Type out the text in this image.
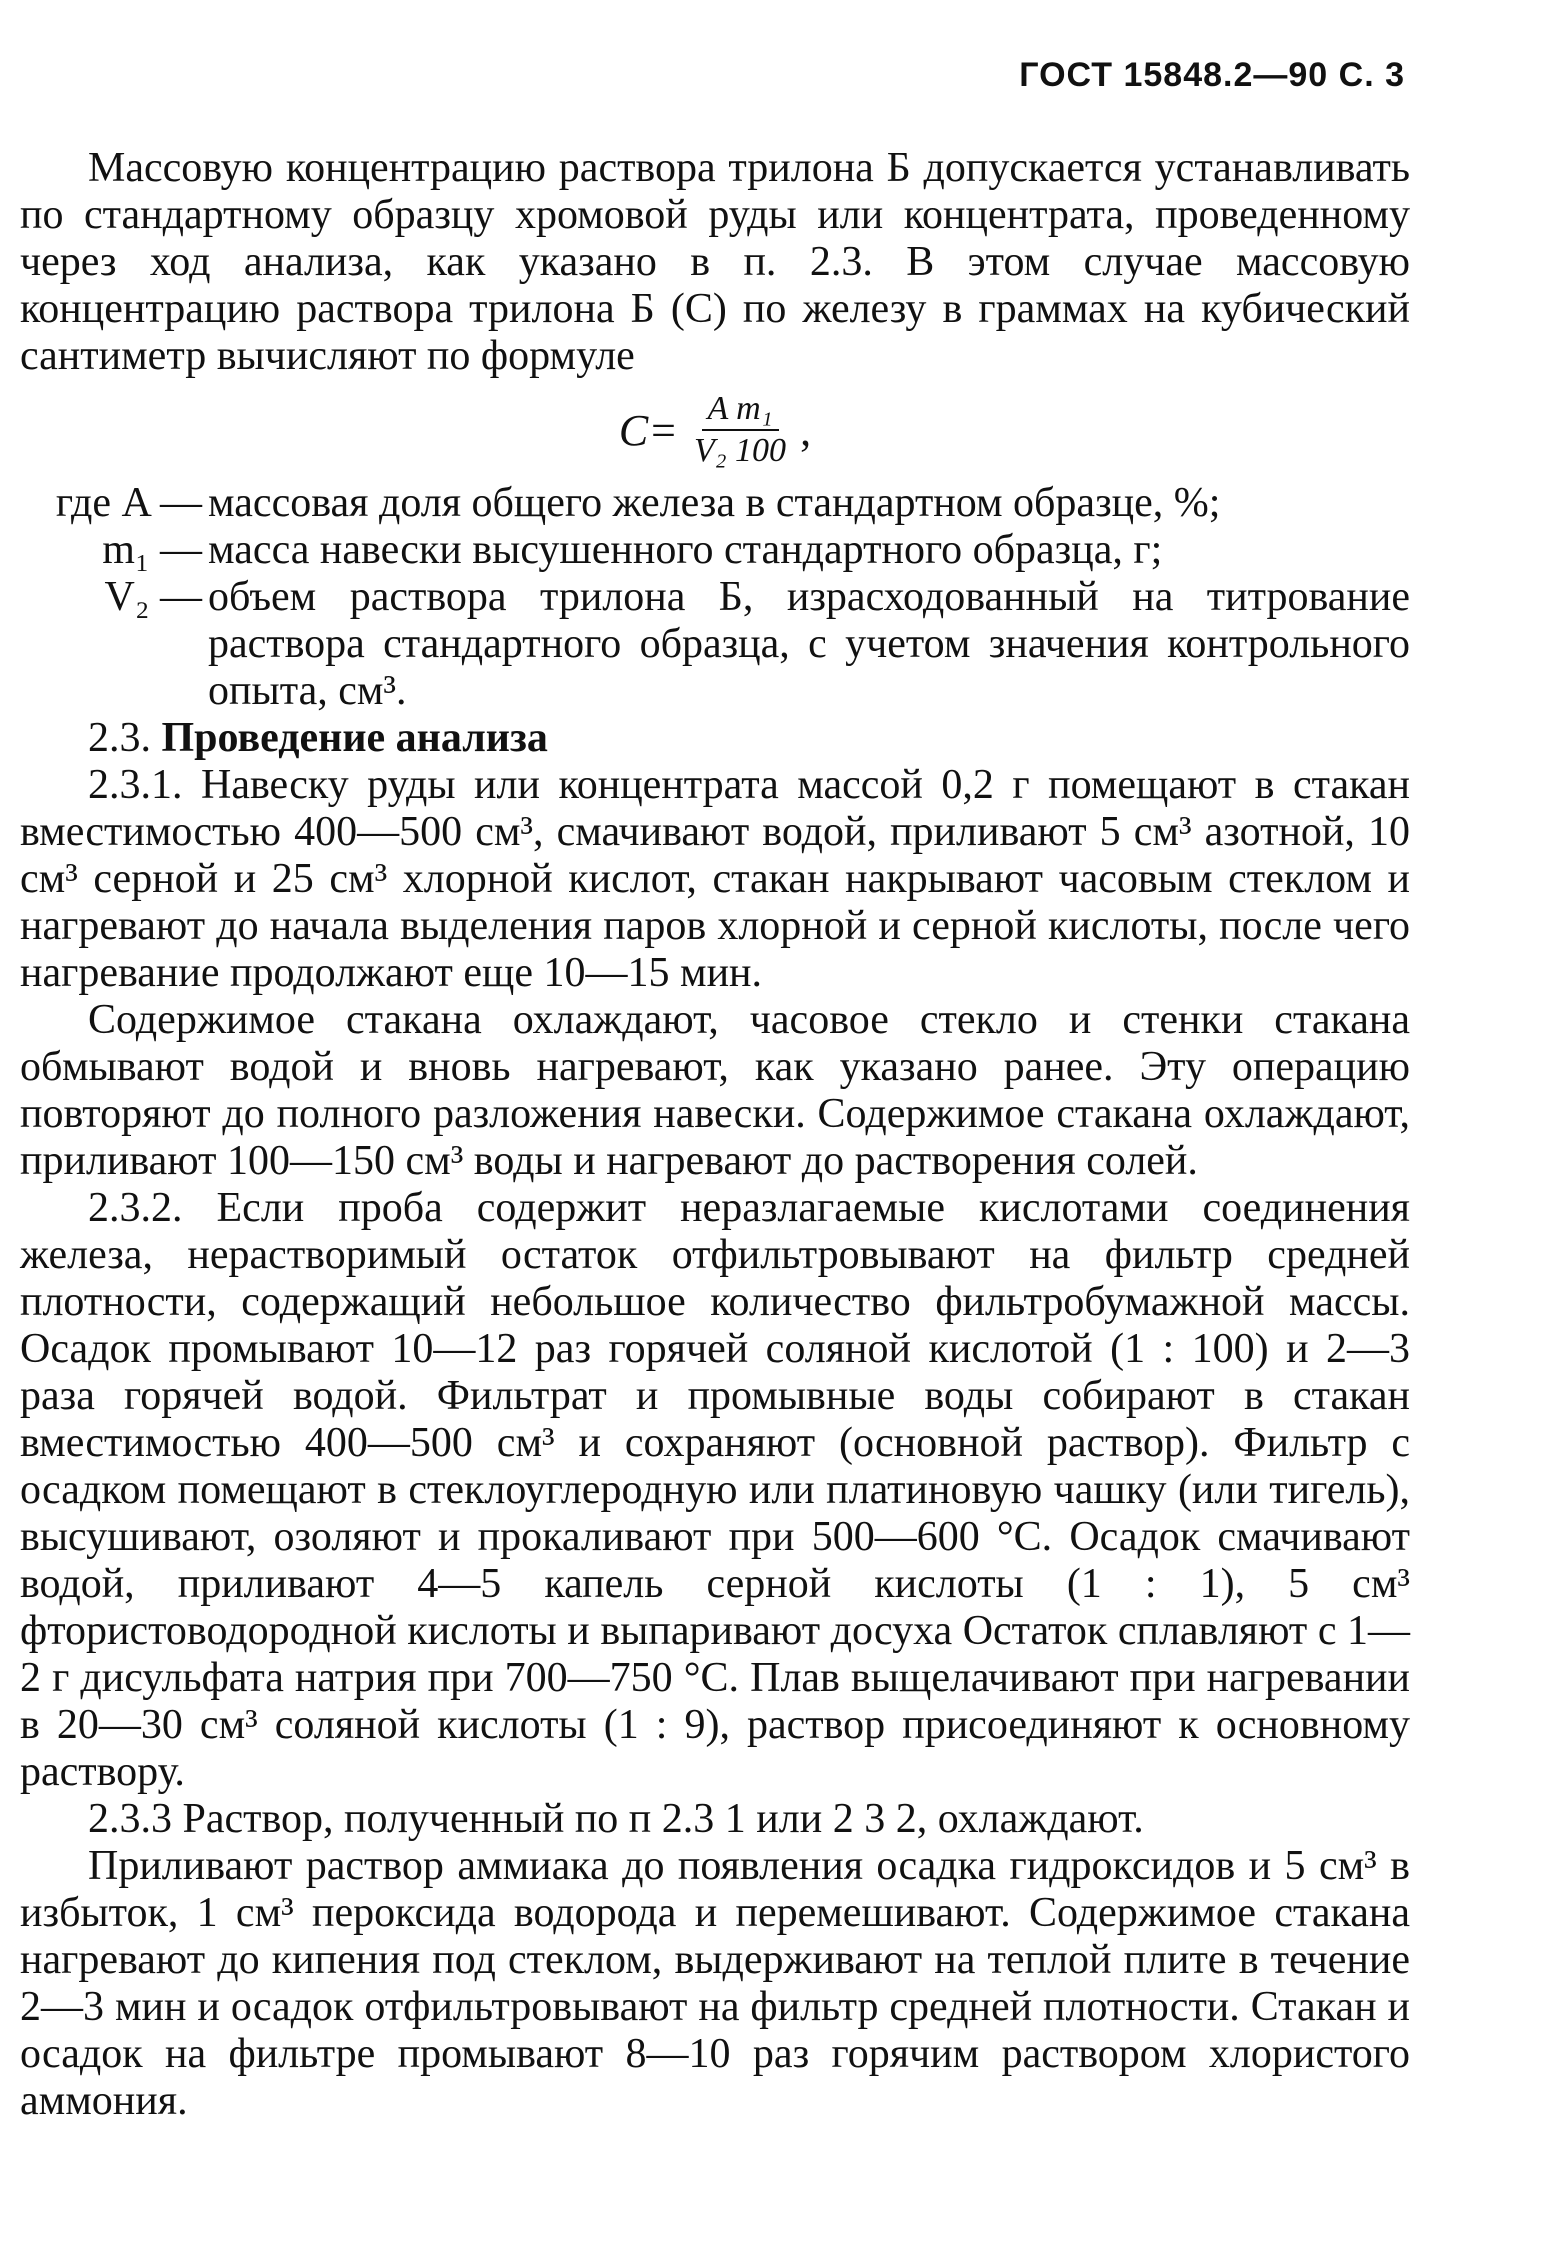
ГОСТ 15848.2—90 С. 3

Массовую концентрацию раствора трилона Б допускается устанавливать по стандартному образцу хромовой руды или концентрата, проведенному через ход анализа, как указано в п. 2.3. В этом случае массовую концентрацию раствора трилона Б (C) по железу в граммах на кубический сантиметр вычисляют по формуле

$C= \frac{\text{A m₁}}{\text{V₂ 100}}$ ,
где A — массовая доля общего железа в стандартном образце, %;

m₁ — масса навески высушенного стандартного образца, г;

V₂ — объем раствора трилона Б, израсходованный на титрование раствора стандартного образца, с учетом значения контрольного опыта, см³.

2.3. Проведение анализа

2.3.1. Навеску руды или концентрата массой 0,2 г помещают в стакан вместимостью 400—500 см³, смачивают водой, приливают 5 см³ азотной, 10 см³ серной и 25 см³ хлорной кислот, стакан накрывают часовым стеклом и нагревают до начала выделения паров хлорной и серной кислоты, после чего нагревание продолжают еще 10—15 мин.

Содержимое стакана охлаждают, часовое стекло и стенки стакана обмывают водой и вновь нагревают, как указано ранее. Эту операцию повторяют до полного разложения навески. Содержимое стакана охлаждают, приливают 100—150 см³ воды и нагревают до растворения солей.

2.3.2. Если проба содержит неразлагаемые кислотами соединения железа, нерастворимый остаток отфильтровывают на фильтр средней плотности, содержащий небольшое количество фильтробумажной массы. Осадок промывают 10—12 раз горячей соляной кислотой (1 : 100) и 2—3 раза горячей водой. Фильтрат и промывные воды собирают в стакан вместимостью 400—500 см³ и сохраняют (основной раствор). Фильтр с осадком помещают в стеклоуглеродную или платиновую чашку (или тигель), высушивают, озоляют и прокаливают при 500—600 °С. Осадок смачивают водой, приливают 4—5 капель серной кислоты (1 : 1), 5 см³ фтористоводородной кислоты и выпаривают досуха Остаток сплавляют с 1—2 г дисульфата натрия при 700—750 °С. Плав выщелачивают при нагревании в 20—30 см³ соляной кислоты (1 : 9), раствор присоединяют к основному раствору.

2.3.3 Раствор, полученный по п 2.3 1 или 2 3 2, охлаждают.

Приливают раствор аммиака до появления осадка гидроксидов и 5 см³ в избыток, 1 см³ пероксида водорода и перемешивают. Содержимое стакана нагревают до кипения под стеклом, выдерживают на теплой плите в течение 2—3 мин и осадок отфильтровывают на фильтр средней плотности. Стакан и осадок на фильтре промывают 8—10 раз горячим раствором хлористого аммония.
